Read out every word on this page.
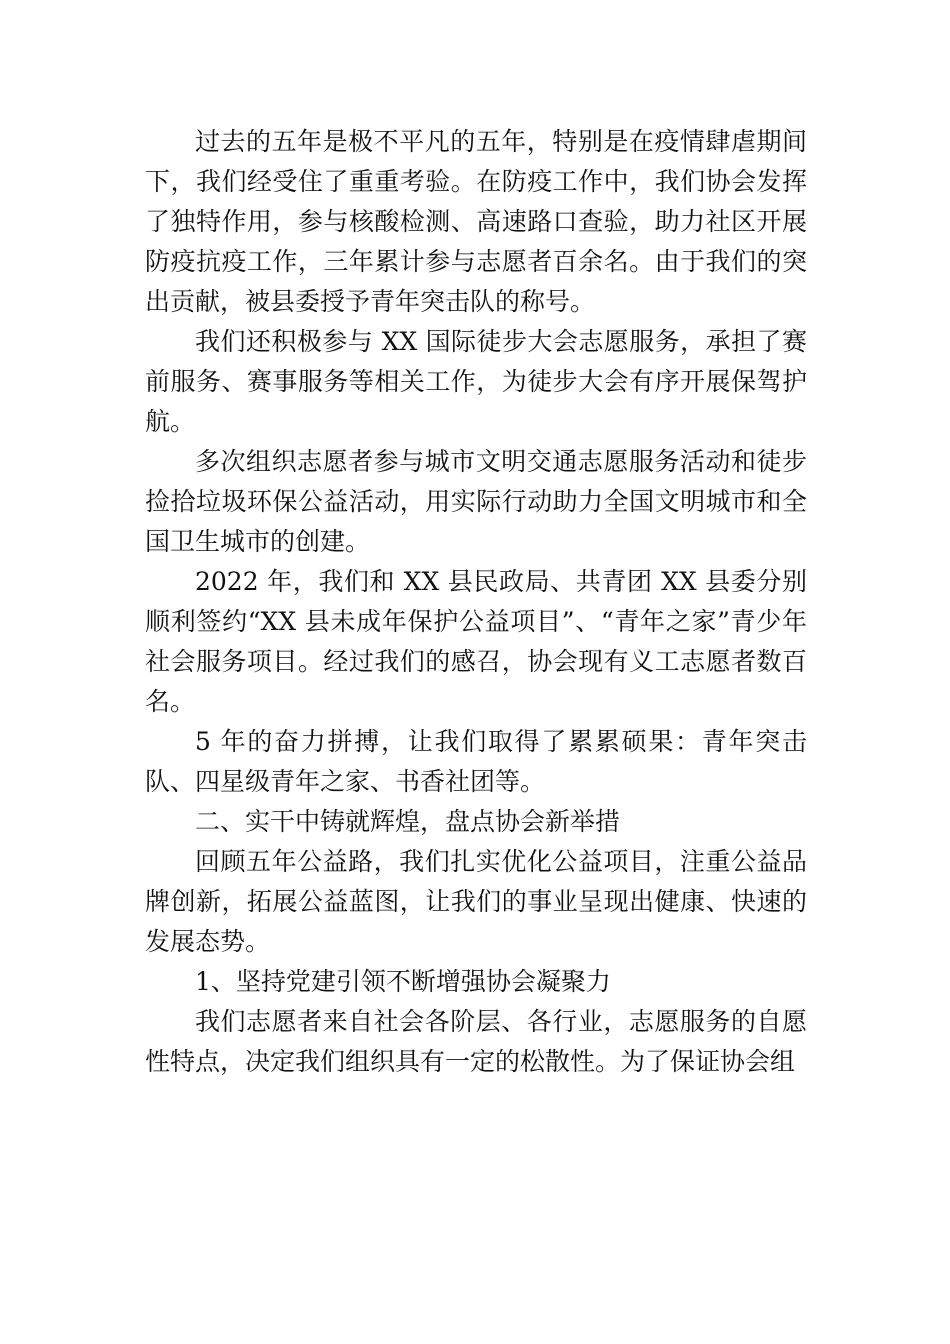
过去的五年是极不平凡的五年，特别是在疫情肆虐期间下，我们经受住了重重考验。在防疫工作中，我们协会发挥了独特作用，参与核酸检测、高速路口查验，助力社区开展防疫抗疫工作，三年累计参与志愿者百余名。由于我们的突出贡献，被县委授予青年突击队的称号。

我们还积极参与 XX 国际徒步大会志愿服务，承担了赛前服务、赛事服务等相关工作，为徒步大会有序开展保驾护航。

多次组织志愿者参与城市文明交通志愿服务活动和徒步捡拾垃圾环保公益活动，用实际行动助力全国文明城市和全国卫生城市的创建。

2022 年，我们和 XX 县民政局、共青团 XX 县委分别顺利签约“XX 县未成年保护公益项目”、“青年之家”青少年社会服务项目。经过我们的感召，协会现有义工志愿者数百名。

5 年的奋力拼搏，让我们取得了累累硕果：青年突击队、四星级青年之家、书香社团等。

二、实干中铸就辉煌，盘点协会新举措

回顾五年公益路，我们扎实优化公益项目，注重公益品牌创新，拓展公益蓝图，让我们的事业呈现出健康、快速的发展态势。

1、坚持党建引领不断增强协会凝聚力

我们志愿者来自社会各阶层、各行业，志愿服务的自愿性特点，决定我们组织具有一定的松散性。为了保证协会组
